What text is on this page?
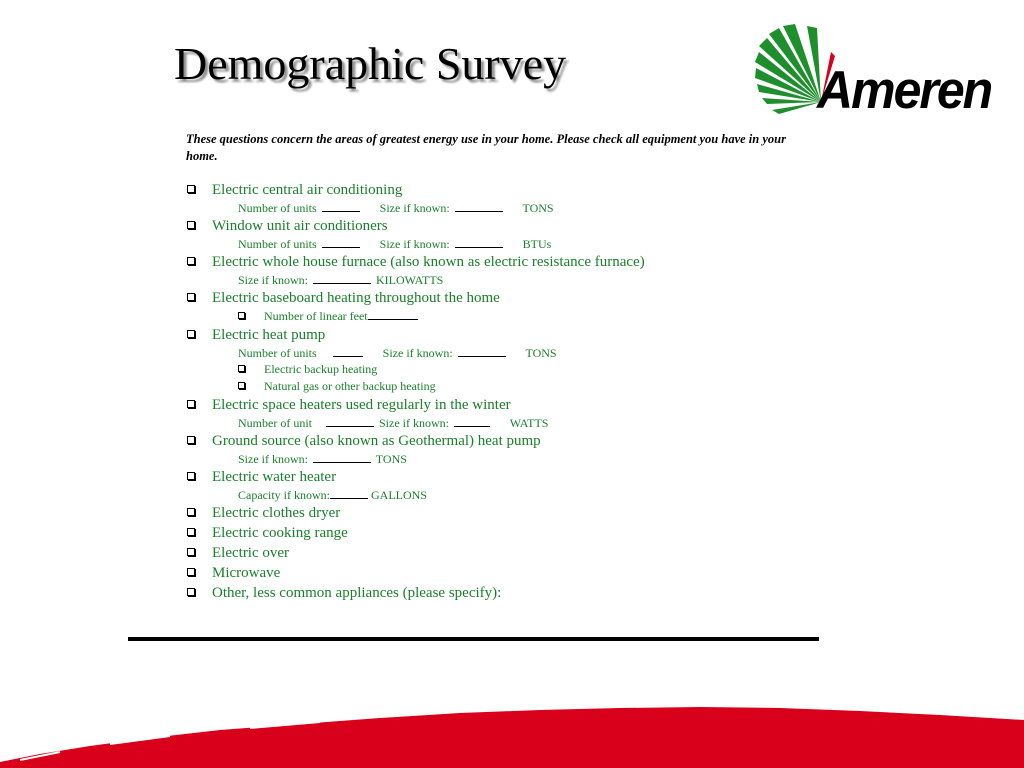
Demographic Survey	Ameren

These questions concern the areas of greatest energy use in your home. Please check all equipment you have in your home.

Electric central air conditioning
Number of units	Size if known:	TONS
Window unit air conditioners
Number of units	Size if known:	BTUs
Electric whole house furnace (also known as electric resistance furnace)
Size if known:	KILOWATTS
Electric baseboard heating throughout the home
Number of linear feet
Electric heat pump
Number of units	Size if known:	TONS
Electric backup heating
Natural gas or other backup heating
Electric space heaters used regularly in the winter
Number of unit	Size if known:	WATTS
Ground source (also known as Geothermal) heat pump
Size if known:	TONS
Electric water heater
Capacity if known:	GALLONS
Electric clothes dryer
Electric cooking range
Electric over
Microwave
Other, less common appliances (please specify):
